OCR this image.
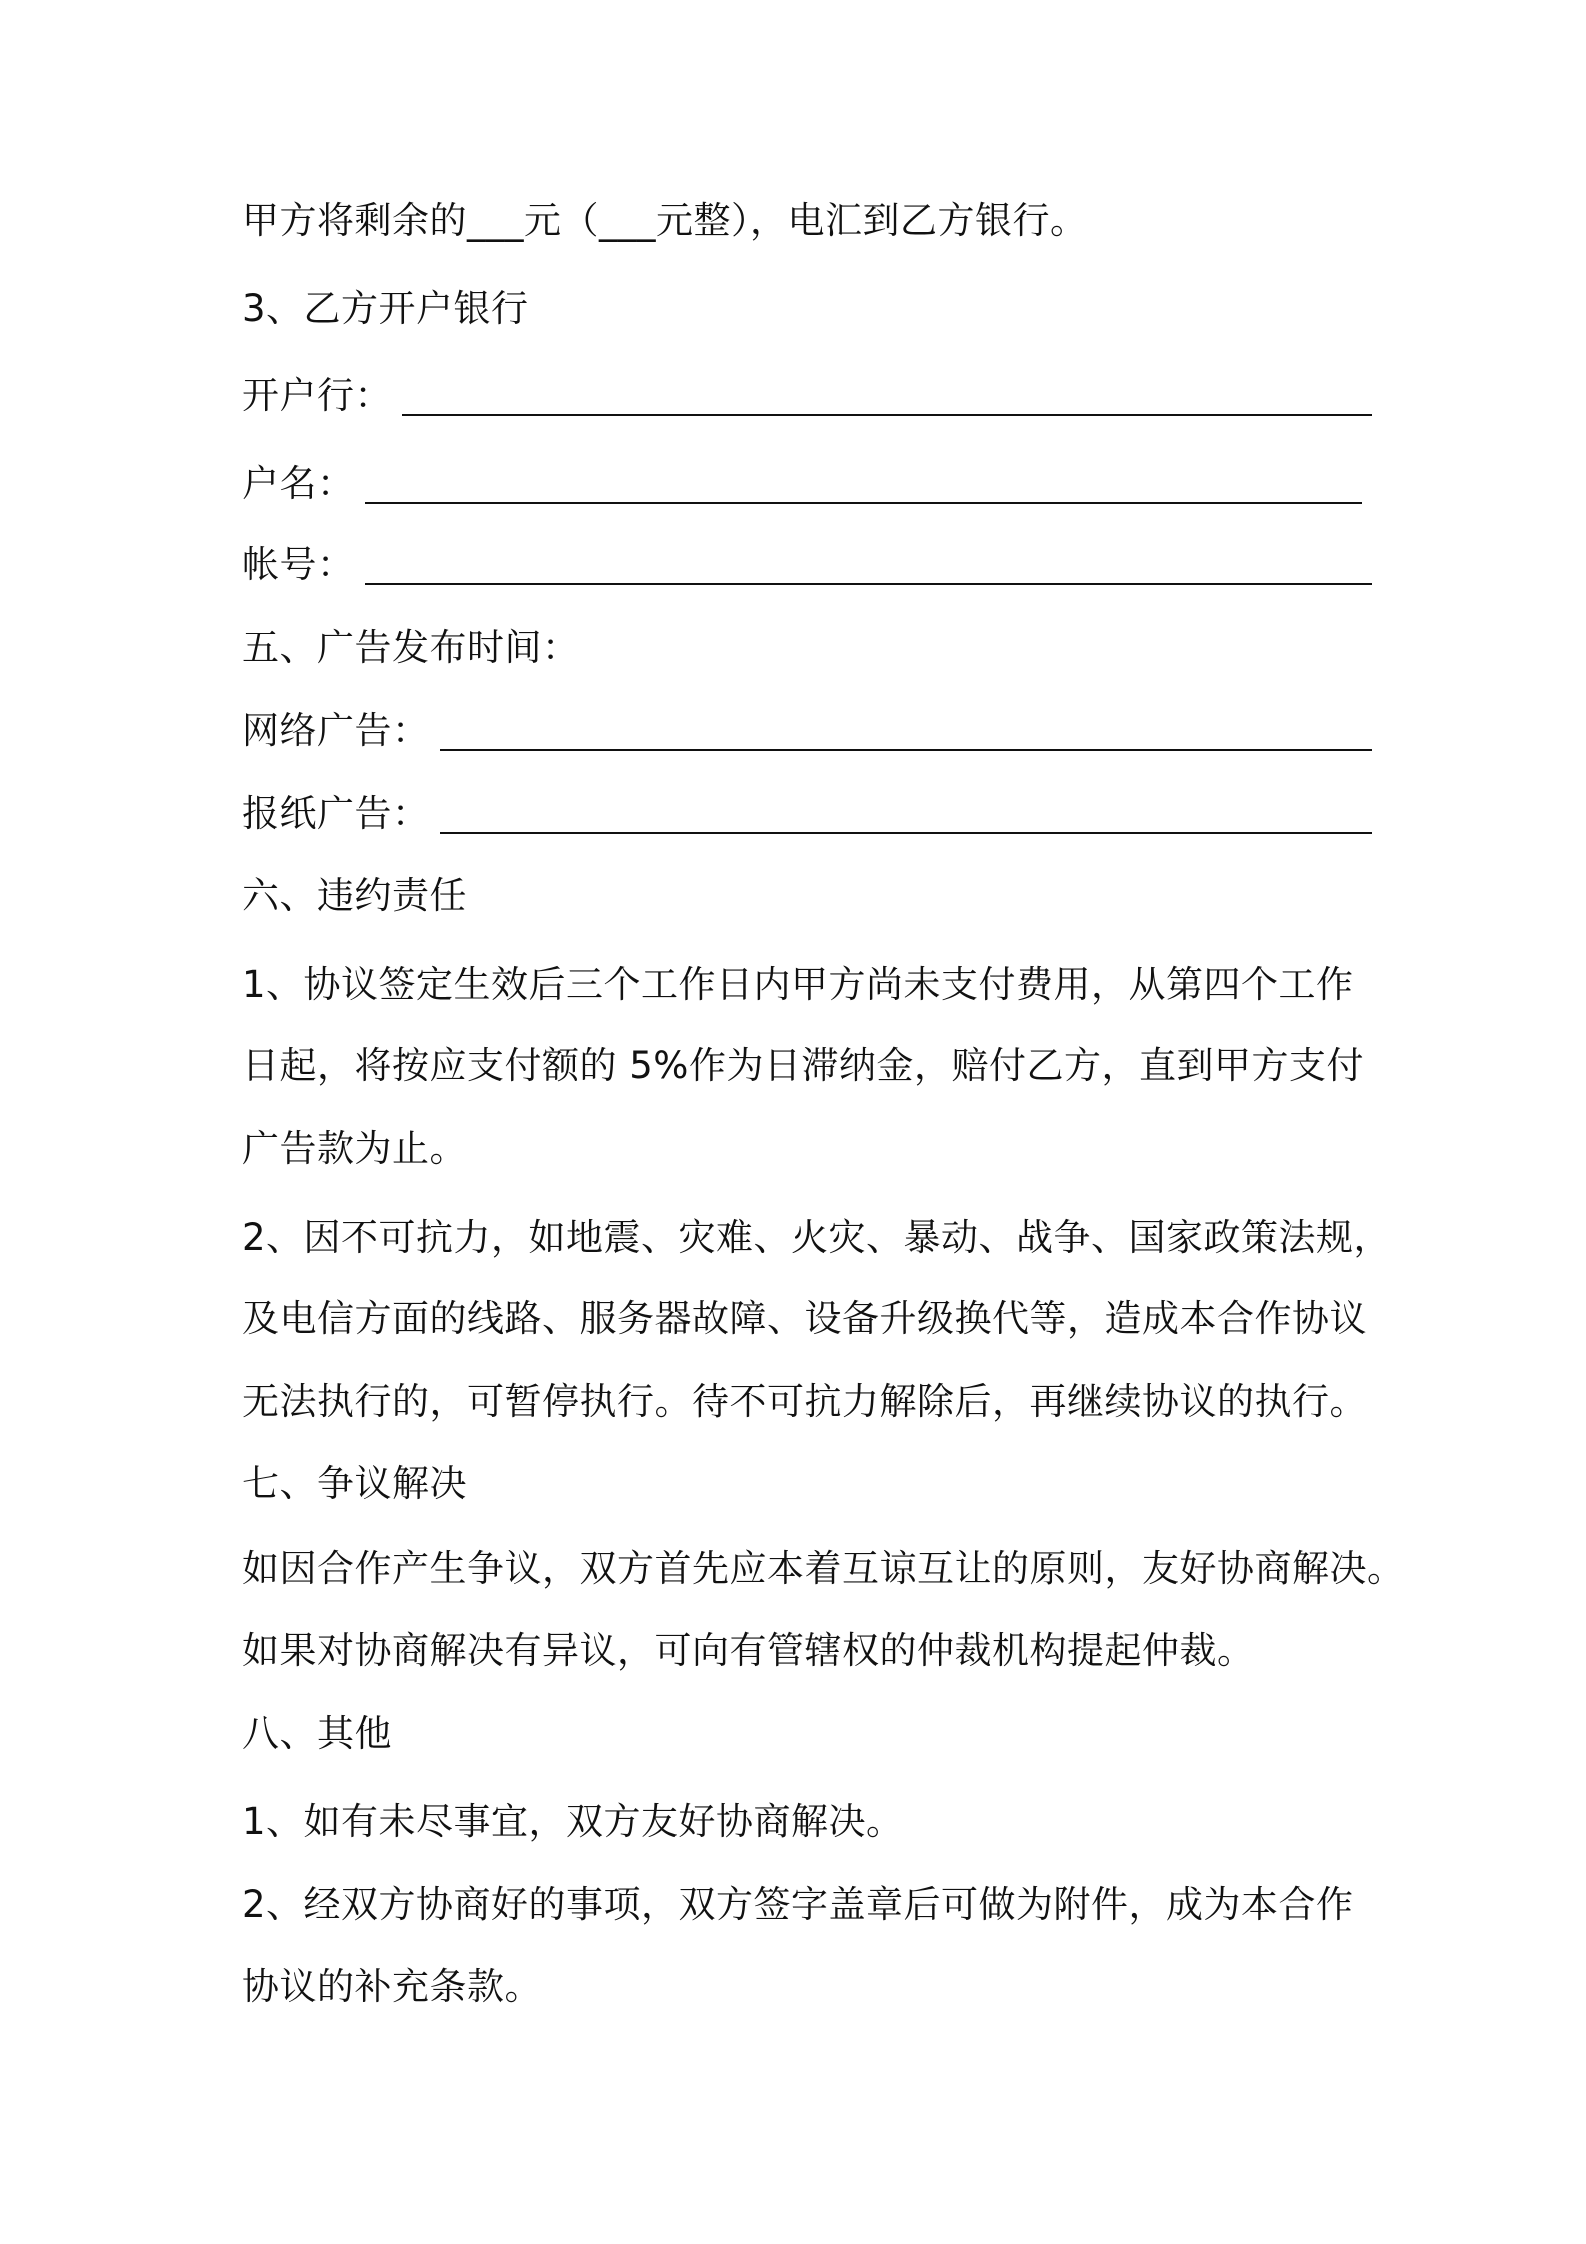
甲方将剩余的___元（___元整），电汇到乙方银行。

3、乙方开户银行

开户行：
户名：
帐号：

五、广告发布时间：

网络广告：
报纸广告：

六、违约责任

1、协议签定生效后三个工作日内甲方尚未支付费用，从第四个工作

日起，将按应支付额的 5%作为日滞纳金，赔付乙方，直到甲方支付

广告款为止。

2、因不可抗力，如地震、灾难、火灾、暴动、战争、国家政策法规，

及电信方面的线路、服务器故障、设备升级换代等，造成本合作协议

无法执行的，可暂停执行。待不可抗力解除后，再继续协议的执行。

七、争议解决

如因合作产生争议，双方首先应本着互谅互让的原则，友好协商解决。

如果对协商解决有异议，可向有管辖权的仲裁机构提起仲裁。

八、其他

1、如有未尽事宜，双方友好协商解决。

2、经双方协商好的事项，双方签字盖章后可做为附件，成为本合作

协议的补充条款。
